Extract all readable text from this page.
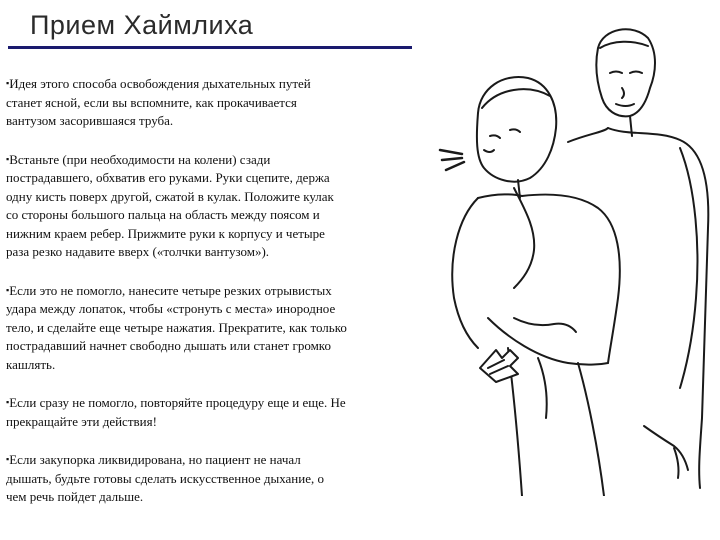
Прием Хаймлиха

▪Идея этого способа освобождения дыхательных путей
станет ясной, если вы вспомните, как прокачивается
вантузом засорившаяся труба.

▪Встаньте (при необходимости на колени) сзади
пострадавшего, обхватив его руками. Руки сцепите, держа
одну кисть поверх другой, сжатой в кулак. Положите кулак
со стороны большого пальца на область между поясом и
нижним краем ребер. Прижмите руки к корпусу и четыре
раза резко надавите вверх («толчки вантузом»).

▪Если это не помогло, нанесите четыре резких отрывистых
удара между лопаток, чтобы «стронуть с места» инородное
тело, и сделайте еще четыре нажатия. Прекратите, как только
пострадавший начнет свободно дышать или станет громко
кашлять.

▪Если сразу не помогло, повторяйте процедуру еще и еще. Не
прекращайте эти действия!

▪Если закупорка ликвидирована, но пациент не начал
дышать, будьте готовы сделать искусственное дыхание, о
чем речь пойдет дальше.
